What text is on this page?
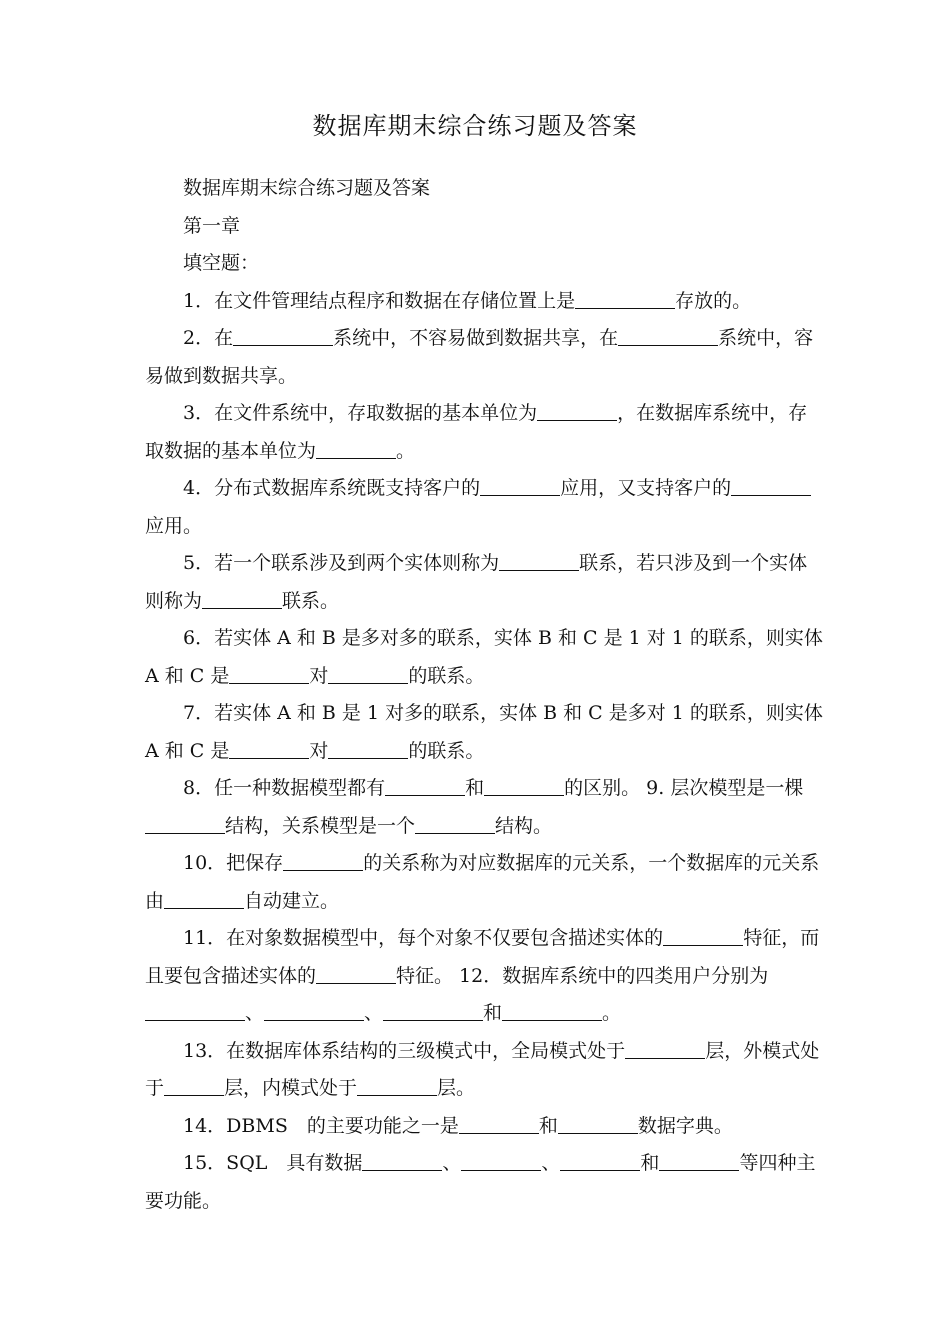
数据库期末综合练习题及答案

数据库期末综合练习题及答案

第一章

填空题：

1．在文件管理结点程序和数据在存储位置上是	存放的。

2．在	系统中，不容易做到数据共享，在	系统中，容易做到数据共享。

3．在文件系统中，存取数据的基本单位为	，在数据库系统中，存取数据的基本单位为	。

4．分布式数据库系统既支持客户的	应用，又支持客户的应用。

5．若一个联系涉及到两个实体则称为	联系，若只涉及到一个实体则称为	联系。

6．若实体 A 和 B 是多对多的联系，实体 B 和 C 是 1 对 1 的联系，则实体 A 和 C 是	对	的联系。

7．若实体 A 和 B 是 1 对多的联系，实体 B 和 C 是多对 1 的联系，则实体 A 和 C 是	对	的联系。

8．任一种数据模型都有	和	的区别。 9. 层次模型是一棵结构，关系模型是一个	结构。

10．把保存	的关系称为对应数据库的元关系，一个数据库的元关系由	自动建立。

11．在对象数据模型中，每个对象不仅要包含描述实体的	特征，而且要包含描述实体的	特征。 12．数据库系统中的四类用户分别为、	、	和	。

13．在数据库体系结构的三级模式中，全局模式处于	层，外模式处于	层，内模式处于	层。

14．DBMS　的主要功能之一是	和	数据字典。

15．SQL　具有数据	、	、	和	等四种主要功能。
